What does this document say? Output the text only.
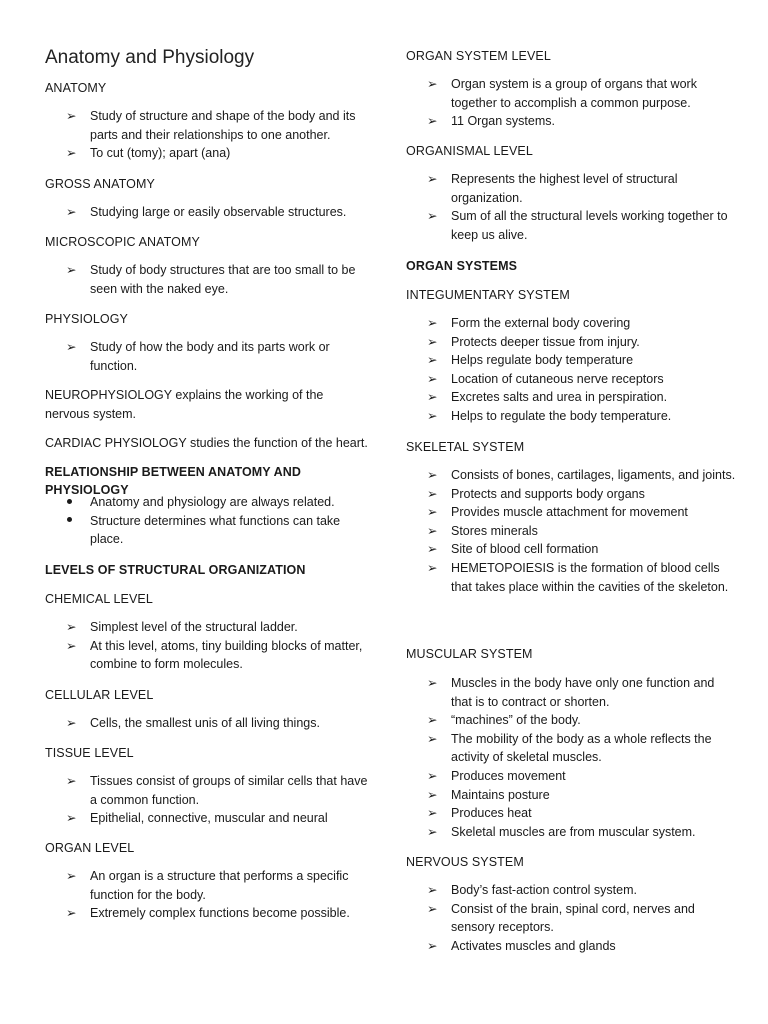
Anatomy and Physiology

ANATOMY

➢ Study of structure and shape of the body and its parts and their relationships to one another.
➢ To cut (tomy); apart (ana)

GROSS ANATOMY

➢ Studying large or easily observable structures.

MICROSCOPIC ANATOMY

➢ Study of body structures that are too small to be seen with the naked eye.

PHYSIOLOGY

➢ Study of how the body and its parts work or function.

NEUROPHYSIOLOGY explains the working of the nervous system.

CARDIAC PHYSIOLOGY studies the function of the heart.

RELATIONSHIP BETWEEN ANATOMY AND PHYSIOLOGY

Anatomy and physiology are always related.
Structure determines what functions can take place.

LEVELS OF STRUCTURAL ORGANIZATION

CHEMICAL LEVEL

➢ Simplest level of the structural ladder.
➢ At this level, atoms, tiny building blocks of matter, combine to form molecules.

CELLULAR LEVEL

➢ Cells, the smallest unis of all living things.

TISSUE LEVEL

➢ Tissues consist of groups of similar cells that have a common function.
➢ Epithelial, connective, muscular and neural

ORGAN LEVEL

➢ An organ is a structure that performs a specific function for the body.
➢ Extremely complex functions become possible.

ORGAN SYSTEM LEVEL

➢ Organ system is a group of organs that work together to accomplish a common purpose.
➢ 11 Organ systems.

ORGANISMAL LEVEL

➢ Represents the highest level of structural organization.
➢ Sum of all the structural levels working together to keep us alive.

ORGAN SYSTEMS

INTEGUMENTARY SYSTEM

➢ Form the external body covering
➢ Protects deeper tissue from injury.
➢ Helps regulate body temperature
➢ Location of cutaneous nerve receptors
➢ Excretes salts and urea in perspiration.
➢ Helps to regulate the body temperature.

SKELETAL SYSTEM

➢ Consists of bones, cartilages, ligaments, and joints.
➢ Protects and supports body organs
➢ Provides muscle attachment for movement
➢ Stores minerals
➢ Site of blood cell formation
➢ HEMETOPOIESIS is the formation of blood cells that takes place within the cavities of the skeleton.

MUSCULAR SYSTEM

➢ Muscles in the body have only one function and that is to contract or shorten.
➢ “machines” of the body.
➢ The mobility of the body as a whole reflects the activity of skeletal muscles.
➢ Produces movement
➢ Maintains posture
➢ Produces heat
➢ Skeletal muscles are from muscular system.

NERVOUS SYSTEM

➢ Body’s fast-action control system.
➢ Consist of the brain, spinal cord, nerves and sensory receptors.
➢ Activates muscles and glands
